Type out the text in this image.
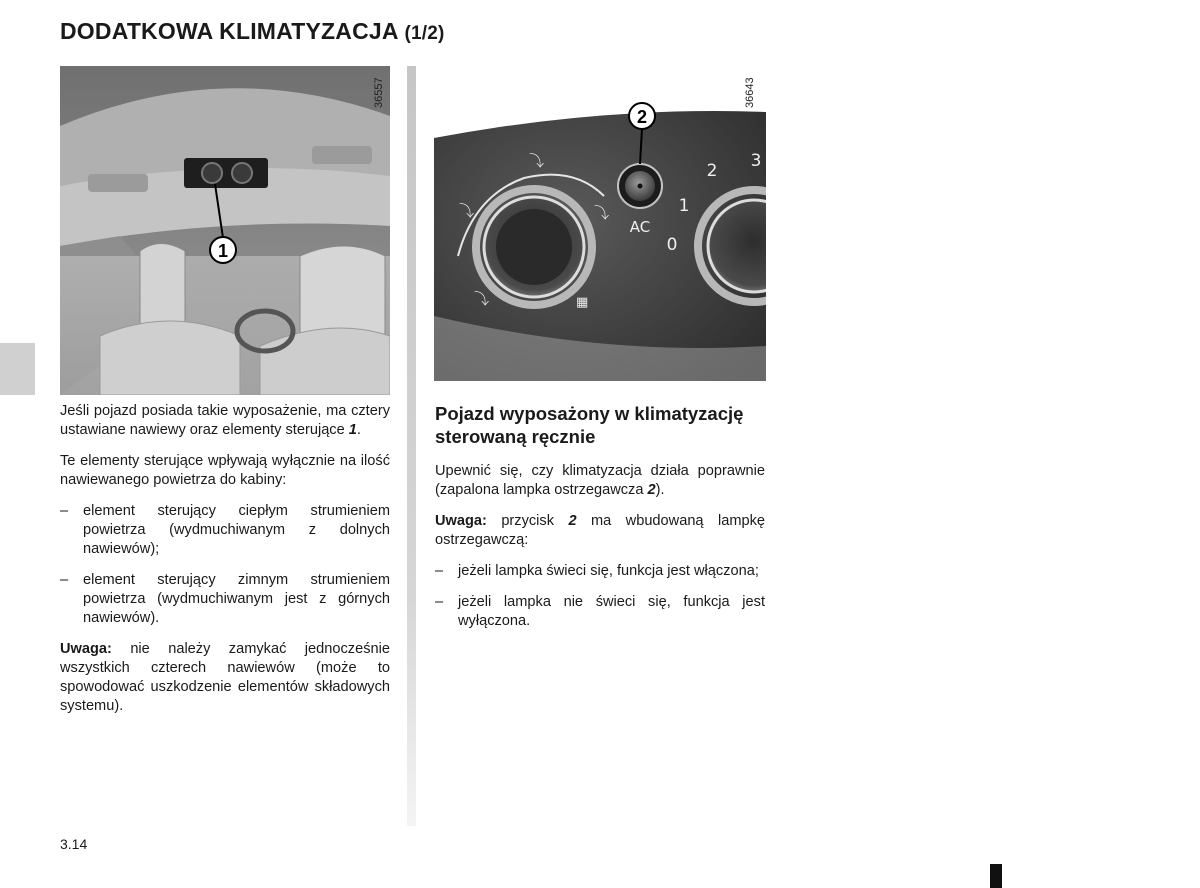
DODATKOWA KLIMATYZACJA (1/2)
1
36557
⤵
⤵
⤵
⤵	▦
2
AC
0
1
2 3
36643

Jeśli pojazd posiada takie wyposażenie, ma cztery ustawiane nawiewy oraz elementy sterujące 1.

Te elementy sterujące wpływają wyłącznie na ilość nawiewanego powietrza do kabiny:

– element sterujący ciepłym strumieniem powietrza (wydmuchiwanym z dolnych nawiewów);
– element sterujący zimnym strumieniem powietrza (wydmuchiwanym jest z górnych nawiewów).

Uwaga: nie należy zamykać jednocześnie wszystkich czterech nawiewów (może to spowodować uszkodzenie elementów składowych systemu).

Pojazd wyposażony w klimatyzację sterowaną ręcznie

Upewnić się, czy klimatyzacja działa poprawnie (zapalona lampka ostrzegawcza 2).

Uwaga: przycisk 2 ma wbudowaną lampkę ostrzegawczą:

– jeżeli lampka świeci się, funkcja jest włączona;
– jeżeli lampka nie świeci się, funkcja jest wyłączona.
3.14
